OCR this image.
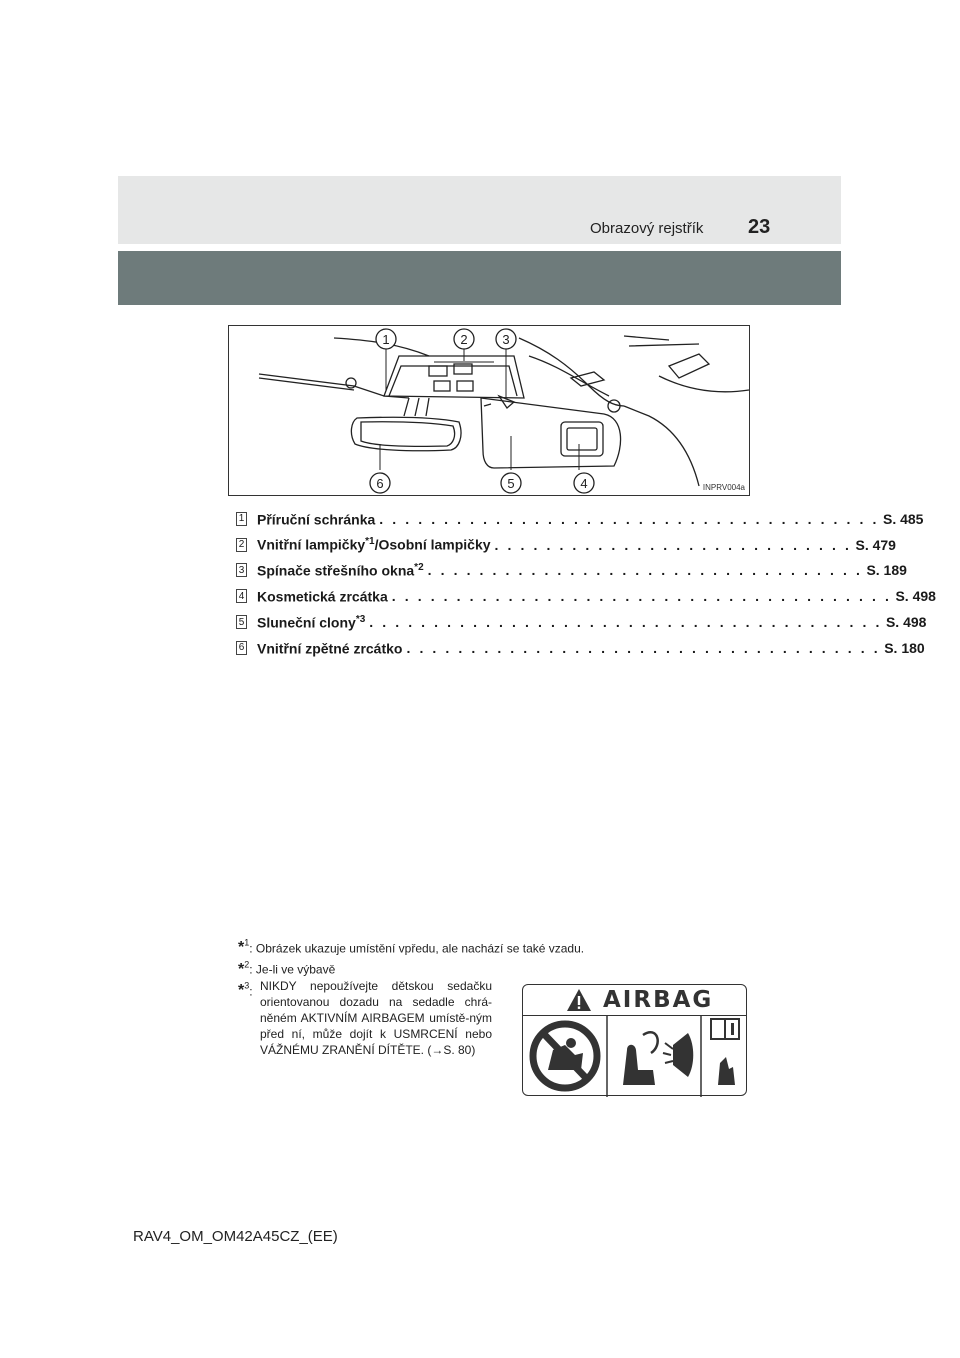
Obrazový rejstřík 23
1	2	3
4
5
6	INPRV004a
1 Příruční schránka . . . . . . . . . . . . . . . . . . . . . . . . . . . . . . . . . . . . . . . S. 485
2 Vnitřní lampičky$^{*1}$/Osobní lampičky . . . . . . . . . . . . . . . . . . . . . . . . . . . . S. 479
3 Spínače střešního okna$^{*2}$ . . . . . . . . . . . . . . . . . . . . . . . . . . . . . . . . . . S. 189
4 Kosmetická zrcátka . . . . . . . . . . . . . . . . . . . . . . . . . . . . . . . . . . . . . . . S. 498
5 Sluneční clony$^{*3}$ . . . . . . . . . . . . . . . . . . . . . . . . . . . . . . . . . . . . . . . . S. 498
6 Vnitřní zpětné zrcátko . . . . . . . . . . . . . . . . . . . . . . . . . . . . . . . . . . . . . S. 180
*$^1$: Obrázek ukazuje umístění vpředu, ale nachází se také vzadu.
*$^2$: Je-li ve výbavě
*$^3$: NIKDY nepoužívejte dětskou sedačku orientovanou dozadu na sedadle chrá-něném AKTIVNÍM AIRBAGEM umístě-ným před ní, může dojít k USMRCENÍ nebo VÁŽNÉMU ZRANĚNÍ DÍTĚTE. (→S. 80)
AIRBAG
RAV4_OM_OM42A45CZ_(EE)
